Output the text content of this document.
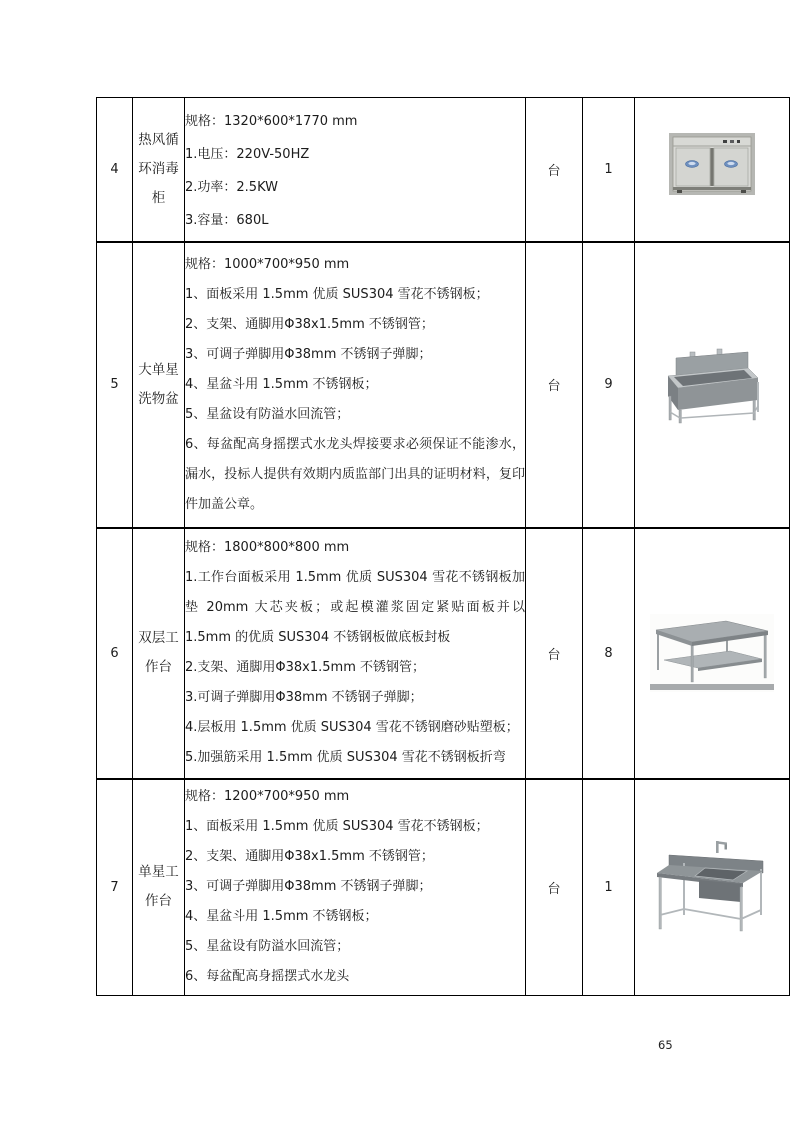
4	热风循环消毒柜	规格：1320*600*1770 mm

1.电压：220V-50HZ

2.功率：2.5KW

3.容量：680L	台	1	
5	大单星洗物盆	

规格：1000*700*950 mm

1、面板采用 1.5mm 优质 SUS304 雪花不锈钢板；

2、支架、通脚用Φ38x1.5mm 不锈钢管；

3、可调子弹脚用Φ38mm 不锈钢子弹脚；

4、星盆斗用 1.5mm 不锈钢板；

5、星盆设有防溢水回流管；

6、每盆配高身摇摆式水龙头焊接要求必须保证不能渗水，漏水，投标人提供有效期内质监部门出具的证明材料，复印件加盖公章。

	台	9	
6	双层工作台	

规格：1800*800*800 mm

1.工作台面板采用 1.5mm 优质 SUS304 雪花不锈钢板加垫 20mm 大芯夹板；或起模灌浆固定紧贴面板并以 1.5mm 的优质 SUS304 不锈钢板做底板封板

2.支架、通脚用Φ38x1.5mm 不锈钢管；

3.可调子弹脚用Φ38mm 不锈钢子弹脚；

4.层板用 1.5mm 优质 SUS304 雪花不锈钢磨砂贴塑板；

5.加强筋采用 1.5mm 优质 SUS304 雪花不锈钢板折弯

	台	8	
7	单星工作台	

规格：1200*700*950 mm

1、面板采用 1.5mm 优质 SUS304 雪花不锈钢板；

2、支架、通脚用Φ38x1.5mm 不锈钢管；

3、可调子弹脚用Φ38mm 不锈钢子弹脚；

4、星盆斗用 1.5mm 不锈钢板；

5、星盆设有防溢水回流管；

6、每盆配高身摇摆式水龙头

	台	1	
65
